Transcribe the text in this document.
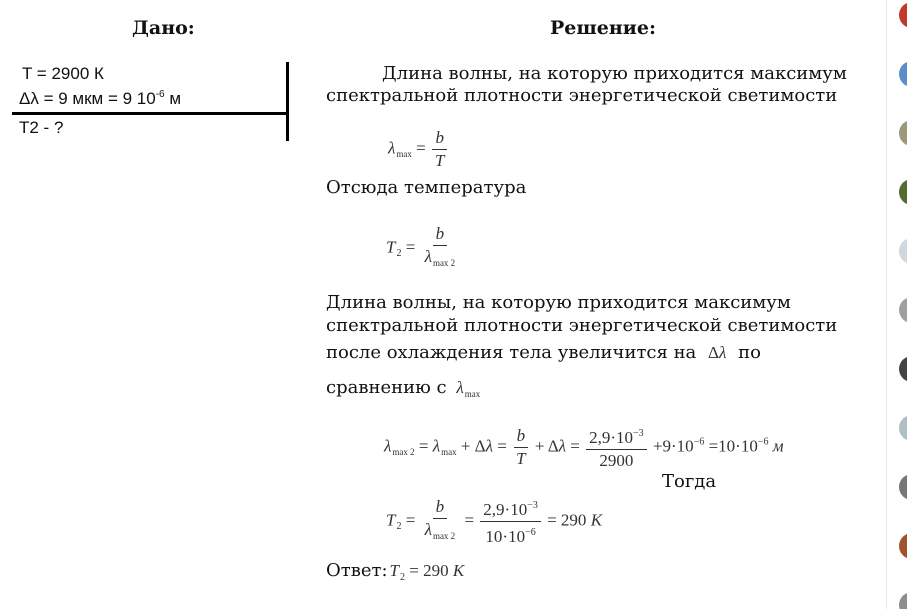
Дано:	Решение:
T = 2900 К
Δλ = 9 мкм = 9 $10^{-6}$ м
T2 - ?
Длина волны, на которую приходится максимум
спектральной плотности энергетической светимости
$\lambda_{max} = \frac{b}{T}$
Отсюда температура
$T_2 = \frac{b}{\lambda_{max 2}}$
Длина волны, на которую приходится максимум
спектральной плотности энергетической светимости
после охлаждения тела увеличится на Δλ по
сравнению с $\lambda_{max}$
$\lambda_{max 2} = \lambda_{max} + \Delta\lambda = \frac{b}{T} + \Delta\lambda = \frac{2,9\cdot 10^{-3}}{2900} +9\cdot 10^{-6} =10\cdot 10^{-6}$ м
Тогда
$T_2 = \frac{b}{\lambda_{max 2}} = \frac{2,9\cdot 10^{-3}}{10\cdot 10^{-6}} = 290$ K
Ответ: $T_2 = 290$ K
